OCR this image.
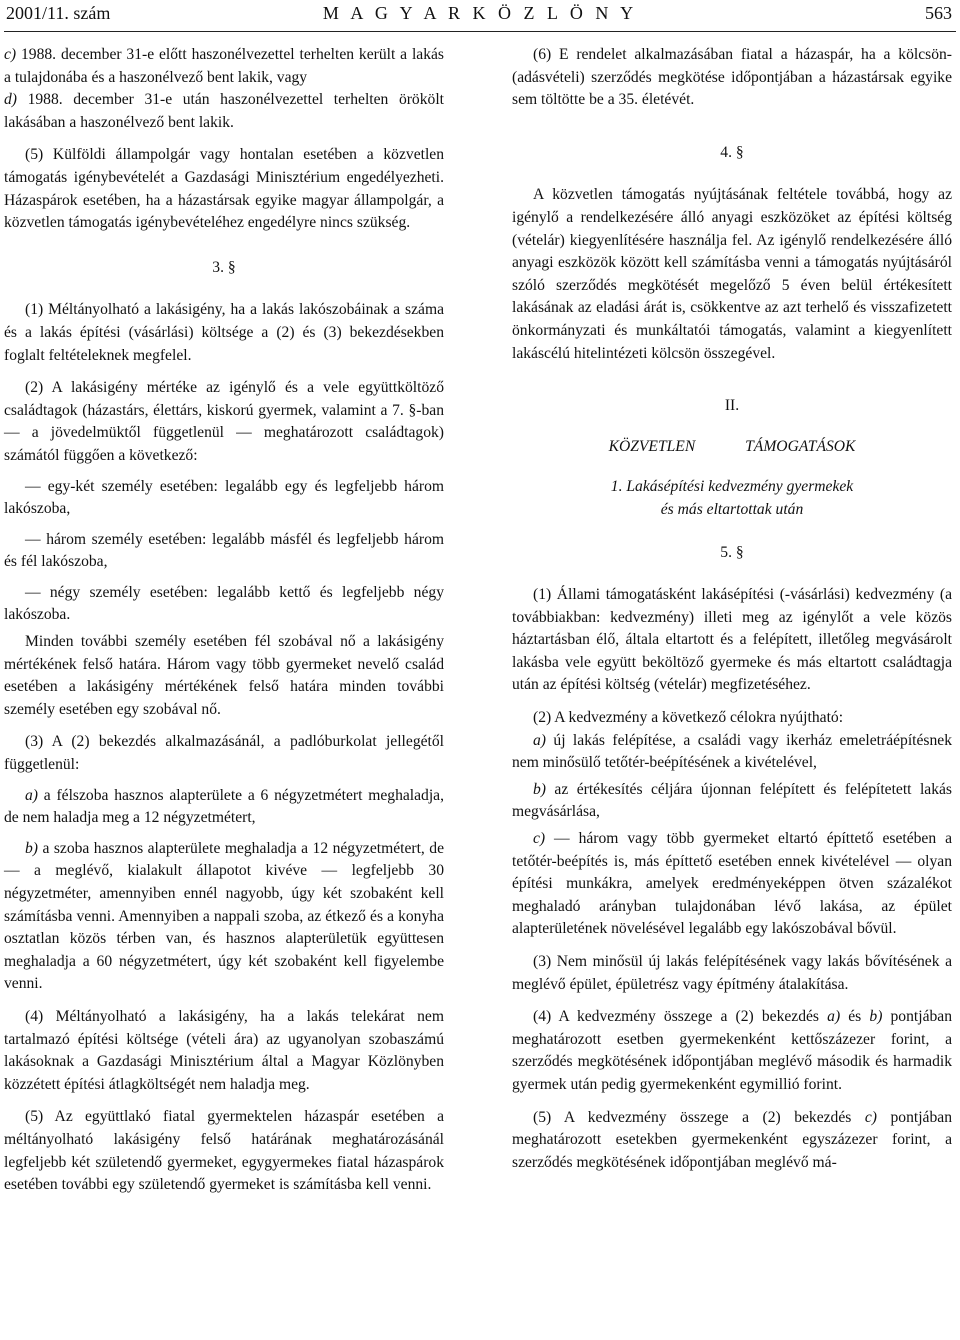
2001/11. szám	M A G Y A R K Ö Z L Ö N Y	563

c) 1988. december 31-e előtt haszonélvezettel terhelten került a lakás a tulajdonába és a haszonélvező bent lakik, vagy

d) 1988. december 31-e után haszonélvezettel terhelten örökölt lakásában a haszonélvező bent lakik.

(5) Külföldi állampolgár vagy hontalan esetében a közvetlen támogatás igénybevételét a Gazdasági Minisztérium engedélyezheti. Házaspárok esetében, ha a házastársak egyike magyar állampolgár, a közvetlen támogatás igénybevételéhez engedélyre nincs szükség.

3. §

(1) Méltányolható a lakásigény, ha a lakás lakószobáinak a száma és a lakás építési (vásárlási) költsége a (2) és (3) bekezdésekben foglalt feltételeknek megfelel.

(2) A lakásigény mértéke az igénylő és a vele együttköltöző családtagok (házastárs, élettárs, kiskorú gyermek, valamint a 7. §-ban — a jövedelmüktől függetlenül — meghatározott családtagok) számától függően a következő:

— egy-két személy esetében: legalább egy és legfeljebb három lakószoba,

— három személy esetében: legalább másfél és legfeljebb három és fél lakószoba,

— négy személy esetében: legalább kettő és legfeljebb négy lakószoba.

Minden további személy esetében fél szobával nő a lakásigény mértékének felső határa. Három vagy több gyermeket nevelő család esetében a lakásigény mértékének felső határa minden további személy esetében egy szobával nő.

(3) A (2) bekezdés alkalmazásánál, a padlóburkolat jellegétől függetlenül:

a) a félszoba hasznos alapterülete a 6 négyzetmétert meghaladja, de nem haladja meg a 12 négyzetmétert,

b) a szoba hasznos alapterülete meghaladja a 12 négyzetmétert, de — a meglévő, kialakult állapotot kivéve — legfeljebb 30 négyzetméter, amennyiben ennél nagyobb, úgy két szobaként kell számításba venni. Amennyiben a nappali szoba, az étkező és a konyha osztatlan közös térben van, és hasznos alapterületük együttesen meghaladja a 60 négyzetmétert, úgy két szobaként kell figyelembe venni.

(4) Méltányolható a lakásigény, ha a lakás telekárat nem tartalmazó építési költsége (vételi ára) az ugyanolyan szobaszámú lakásoknak a Gazdasági Minisztérium által a Magyar Közlönyben közzétett építési átlagköltségét nem haladja meg.

(5) Az együttlakó fiatal gyermektelen házaspár esetében a méltányolható lakásigény felső határának meghatározásánál legfeljebb két születendő gyermeket, egygyermekes fiatal házaspárok esetében további egy születendő gyermeket is számításba kell venni.

(6) E rendelet alkalmazásában fiatal a házaspár, ha a kölcsön- (adásvételi) szerződés megkötése időpontjában a házastársak egyike sem töltötte be a 35. életévét.

4. §

A közvetlen támogatás nyújtásának feltétele továbbá, hogy az igénylő a rendelkezésére álló anyagi eszközöket az építési költség (vételár) kiegyenlítésére használja fel. Az igénylő rendelkezésére álló anyagi eszközök között kell számításba venni a támogatás nyújtásáról szóló szerződés megkötését megelőző 5 éven belül értékesített lakásának az eladási árát is, csökkentve az azt terhelő és visszafizetett önkormányzati és munkáltatói támogatás, valamint a kiegyenlített lakáscélú hitelintézeti kölcsön összegével.

II.
KÖZVETLEN TÁMOGATÁSOK
1. Lakásépítési kedvezmény gyermekek
és más eltartottak után
5. §

(1) Állami támogatásként lakásépítési (-vásárlási) kedvezmény (a továbbiakban: kedvezmény) illeti meg az igénylőt a vele közös háztartásban élő, általa eltartott és a felépített, illetőleg megvásárolt lakásba vele együtt beköltöző gyermeke és más eltartott családtagja után az építési költség (vételár) megfizetéséhez.

(2) A kedvezmény a következő célokra nyújtható:

a) új lakás felépítése, a családi vagy ikerház emeletráépítésnek nem minősülő tetőtér-beépítésének a kivételével,

b) az értékesítés céljára újonnan felépített és felépítetett lakás megvásárlása,

c) — három vagy több gyermeket eltartó építtető esetében a tetőtér-beépítés is, más építtető esetében ennek kivételével — olyan építési munkákra, amelyek eredményeképpen ötven százalékot meghaladó arányban tulajdonában lévő lakása, az épület alapterületének növelésével legalább egy lakószobával bővül.

(3) Nem minősül új lakás felépítésének vagy lakás bővítésének a meglévő épület, épületrész vagy építmény átalakítása.

(4) A kedvezmény összege a (2) bekezdés a) és b) pontjában meghatározott esetben gyermekenként kettőszázezer forint, a szerződés megkötésének időpontjában meglévő második és harmadik gyermek után pedig gyermekenként egymillió forint.

(5) A kedvezmény összege a (2) bekezdés c) pontjában meghatározott esetekben gyermekenként egyszázezer forint, a szerződés megkötésének időpontjában meglévő má-
